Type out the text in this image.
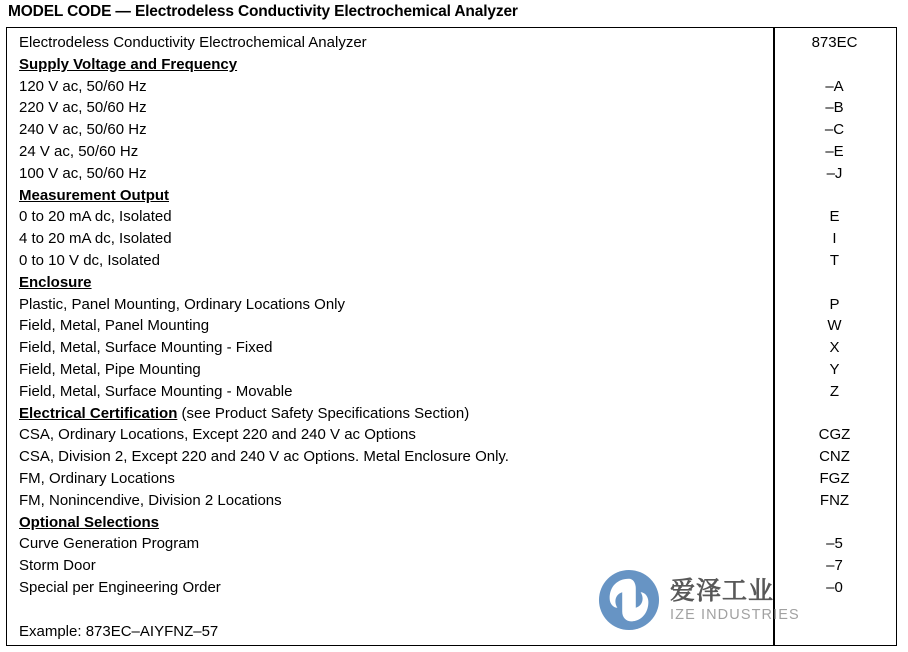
MODEL CODE — Electrodeless Conductivity Electrochemical Analyzer
Electrodeless Conductivity Electrochemical Analyzer	873EC
Supply Voltage and Frequency
120 V ac, 50/60 Hz	–A
220 V ac, 50/60 Hz	–B
240 V ac, 50/60 Hz	–C
24 V ac, 50/60 Hz	–E
100 V ac, 50/60 Hz	–J
Measurement Output
0 to 20 mA dc, Isolated	E
4 to 20 mA dc, Isolated	I
0 to 10 V dc, Isolated	T
Enclosure
Plastic, Panel Mounting, Ordinary Locations Only	P
Field, Metal, Panel Mounting	W
Field, Metal, Surface Mounting - Fixed	X
Field, Metal, Pipe Mounting	Y
Field, Metal, Surface Mounting - Movable	Z
Electrical Certification (see Product Safety Specifications Section)
CSA, Ordinary Locations, Except 220 and 240 V ac Options	CGZ
CSA, Division 2, Except 220 and 240 V ac Options. Metal Enclosure Only.	CNZ
FM, Ordinary Locations	FGZ
FM, Nonincendive, Division 2 Locations	FNZ
Optional Selections
Curve Generation Program	–5
Storm Door	–7
Special per Engineering Order	–0
Example: 873EC–AIYFNZ–57
爱泽工业
IZE INDUSTRIES
